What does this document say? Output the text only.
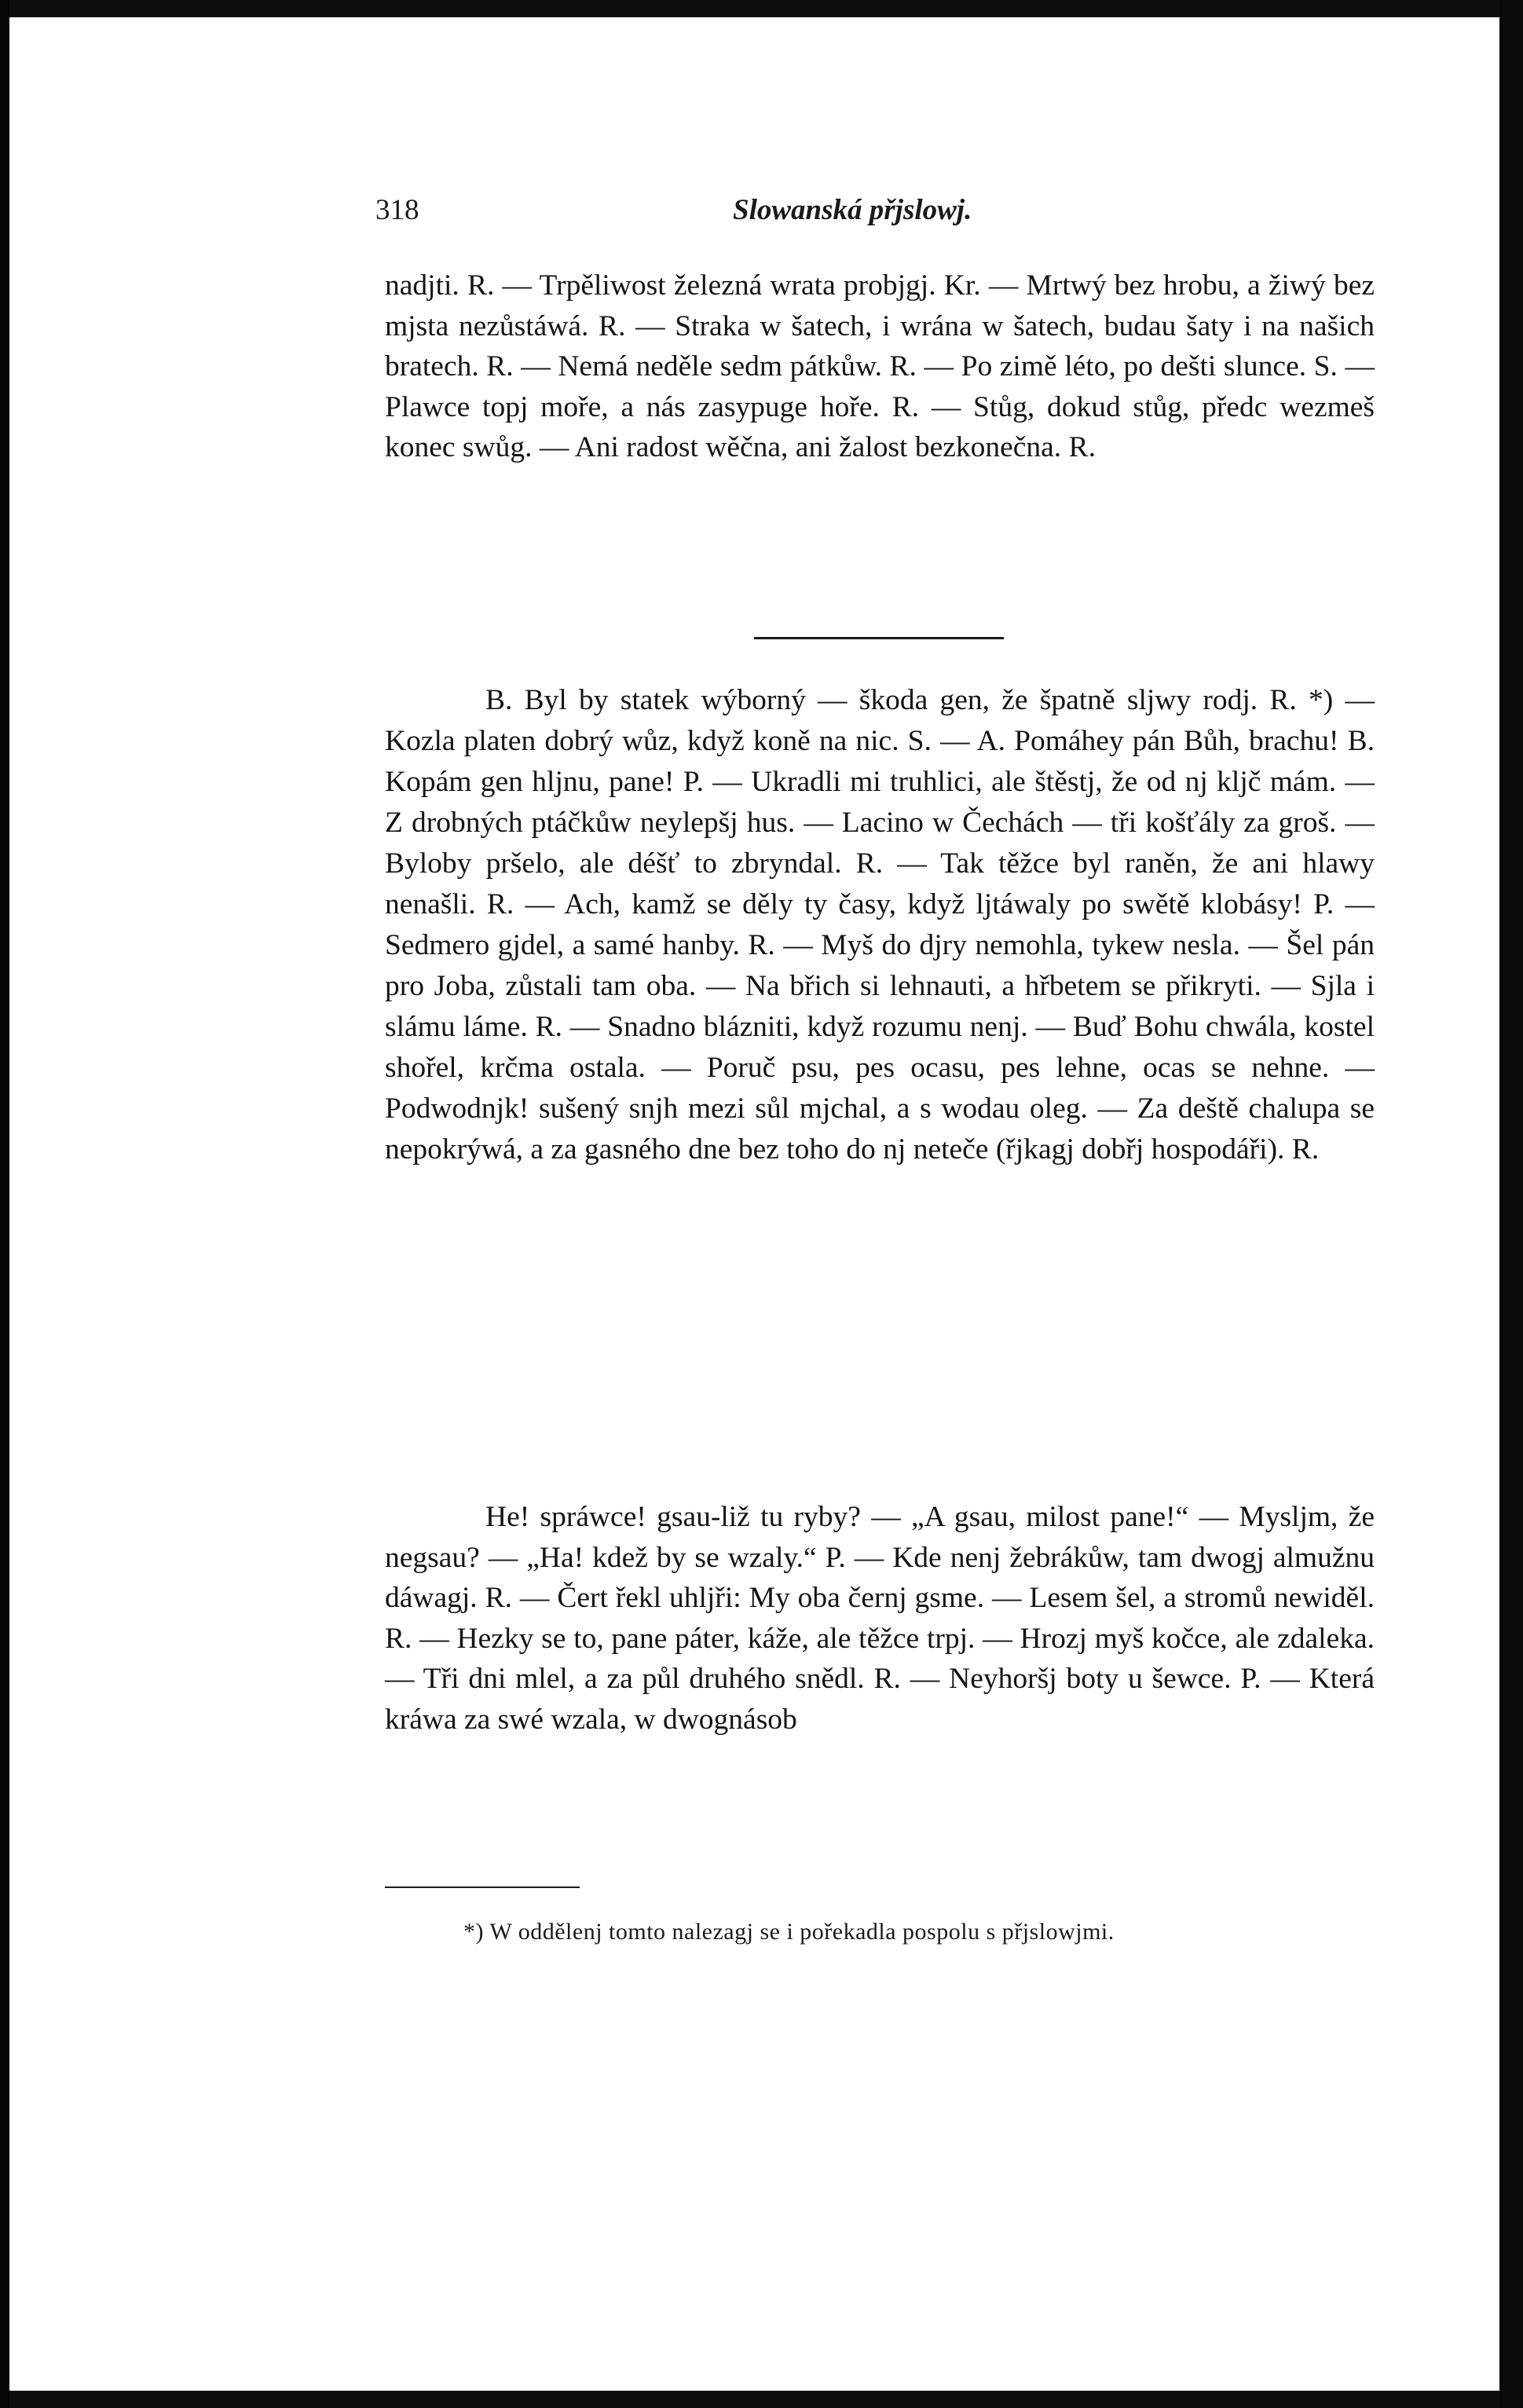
318	Slowanská přjslowj.
nadjti. R. — Trpěliwost železná wrata probjgj. Kr. — Mrtwý bez hrobu, a žiwý bez mjsta nezůstáwá. R. — Straka w šatech, i wrána w šatech, budau šaty i na našich bratech. R. — Nemá neděle sedm pátkůw. R. — Po zimě léto, po dešti slunce. S. — Plawce topj moře, a nás zasypuge hoře. R. — Stůg, dokud stůg, předc wezmeš konec swůg. — Ani radost wěčna, ani žalost bezkonečna. R.
B. Byl by statek wýborný — škoda gen, že špatně sljwy rodj. R. *) — Kozla platen dobrý wůz, když koně na nic. S. — A. Pomáhey pán Bůh, brachu! B. Kopám gen hljnu, pane! P. — Ukradli mi truhlici, ale štěstj, že od nj kljč mám. — Z drobných ptáčkůw neylepšj hus. — Lacino w Čechách — tři košťály za groš. — Byloby pršelo, ale déšť to zbryndal. R. — Tak těžce byl raněn, že ani hlawy nenašli. R. — Ach, kamž se děly ty časy, když ljtáwaly po swětě klobásy! P. — Sedmero gjdel, a samé hanby. R. — Myš do djry nemohla, tykew nesla. — Šel pán pro Joba, zůstali tam oba. — Na břich si lehnauti, a hřbetem se přikryti. — Sjla i slámu láme. R. — Snadno blázniti, když rozumu nenj. — Buď Bohu chwála, kostel shořel, krčma ostala. — Poruč psu, pes ocasu, pes lehne, ocas se nehne. — Podwodnjk! sušený snjh mezi sůl mjchal, a s wodau oleg. — Za deště chalupa se nepokrýwá, a za gasného dne bez toho do nj neteče (řjkagj dobřj hospodáři). R.
He! spráwce! gsau-liž tu ryby? — „A gsau, milost pane!“ — Mysljm, že negsau? — „Ha! kdež by se wzaly.“ P. — Kde nenj žebrákůw, tam dwogj almužnu dáwagj. R. — Čert řekl uhljři: My oba černj gsme. — Lesem šel, a stromů newiděl. R. — Hezky se to, pane páter, káže, ale těžce trpj. — Hrozj myš kočce, ale zdaleka. — Tři dni mlel, a za půl druhého snědl. R. — Neyhoršj boty u šewce. P. — Která kráwa za swé wzala, w dwognásob
*) W oddělenj tomto nalezagj se i pořekadla pospolu s přjslowjmi.
